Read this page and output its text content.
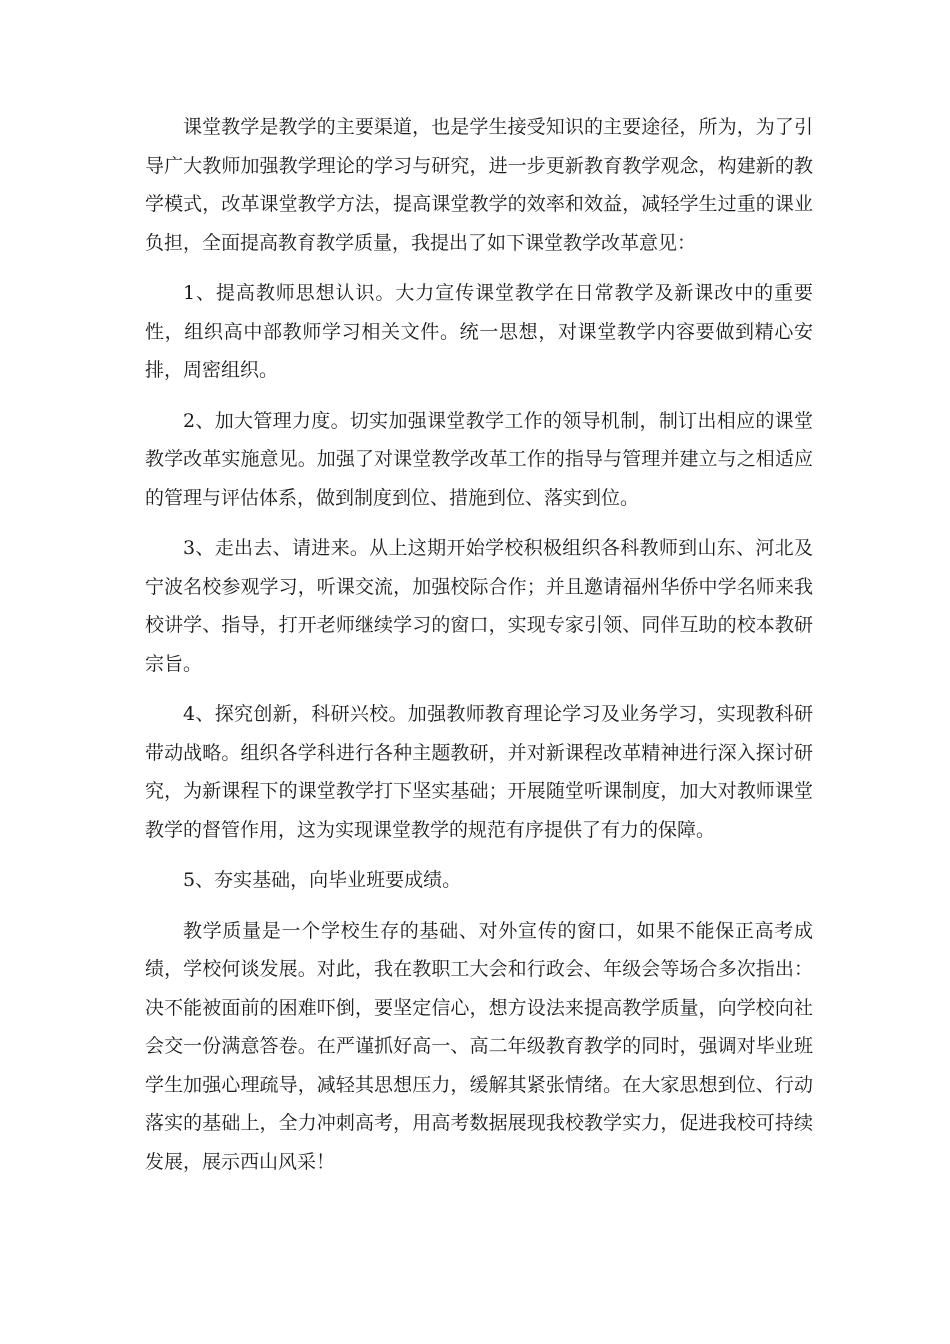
课堂教学是教学的主要渠道，也是学生接受知识的主要途径，所为，为了引导广大教师加强教学理论的学习与研究，进一步更新教育教学观念，构建新的教学模式，改革课堂教学方法，提高课堂教学的效率和效益，减轻学生过重的课业负担，全面提高教育教学质量，我提出了如下课堂教学改革意见：

1、提高教师思想认识。大力宣传课堂教学在日常教学及新课改中的重要性，组织高中部教师学习相关文件。统一思想，对课堂教学内容要做到精心安排，周密组织。

2、加大管理力度。切实加强课堂教学工作的领导机制，制订出相应的课堂教学改革实施意见。加强了对课堂教学改革工作的指导与管理并建立与之相适应的管理与评估体系，做到制度到位、措施到位、落实到位。

3、走出去、请进来。从上这期开始学校积极组织各科教师到山东、河北及宁波名校参观学习，听课交流，加强校际合作；并且邀请福州华侨中学名师来我校讲学、指导，打开老师继续学习的窗口，实现专家引领、同伴互助的校本教研宗旨。

4、探究创新，科研兴校。加强教师教育理论学习及业务学习，实现教科研带动战略。组织各学科进行各种主题教研，并对新课程改革精神进行深入探讨研究，为新课程下的课堂教学打下坚实基础；开展随堂听课制度，加大对教师课堂教学的督管作用，这为实现课堂教学的规范有序提供了有力的保障。

5、夯实基础，向毕业班要成绩。

教学质量是一个学校生存的基础、对外宣传的窗口，如果不能保正高考成绩，学校何谈发展。对此，我在教职工大会和行政会、年级会等场合多次指出：决不能被面前的困难吓倒，要坚定信心，想方设法来提高教学质量，向学校向社会交一份满意答卷。在严谨抓好高一、高二年级教育教学的同时，强调对毕业班学生加强心理疏导，减轻其思想压力，缓解其紧张情绪。在大家思想到位、行动落实的基础上，全力冲刺高考，用高考数据展现我校教学实力，促进我校可持续发展，展示西山风采！
